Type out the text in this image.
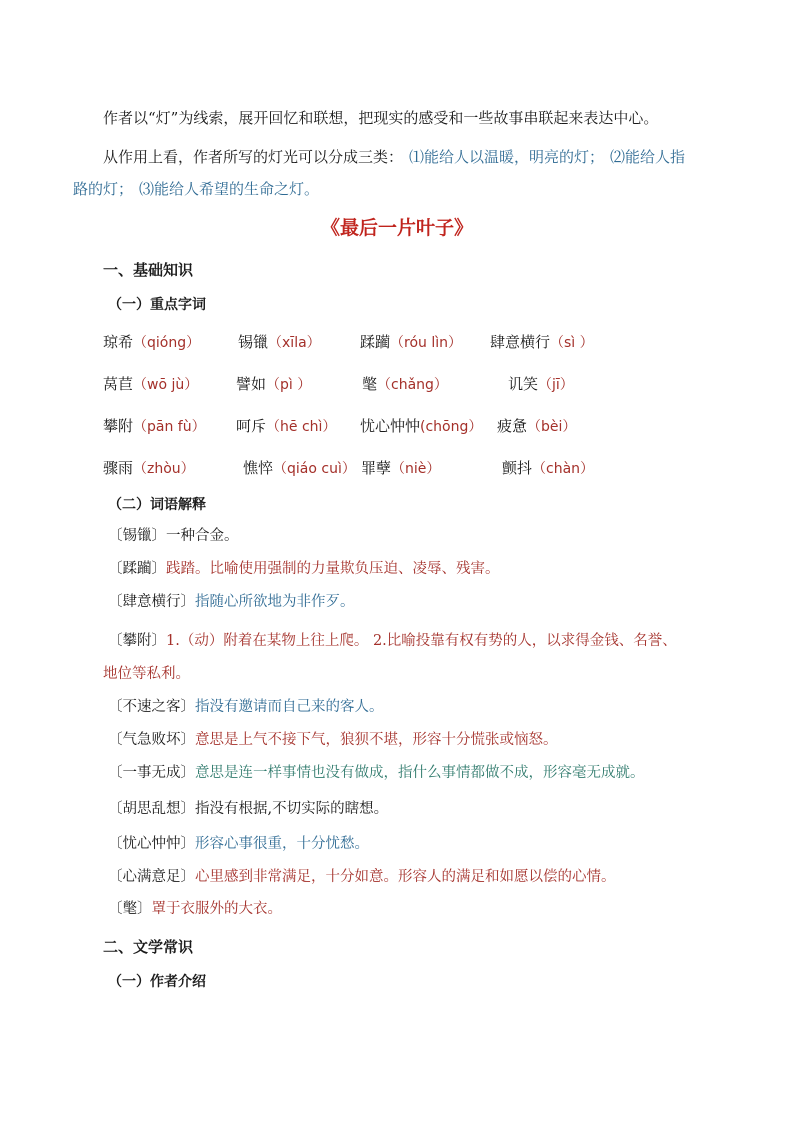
作者以“灯”为线索，展开回忆和联想，把现实的感受和一些故事串联起来表达中心。
从作用上看，作者所写的灯光可以分成三类： ⑴能给人以温暖，明亮的灯； ⑵能给人指
路的灯； ⑶能给人希望的生命之灯。
《最后一片叶子》
一、基础知识
（一）重点字词
琼希（qióng）	锡镴（xīla）	蹂躏（róu lìn） 肆意横行（sì ）
莴苣（wō jù）	譬如（pì ）	氅（chǎng）	讥笑（jī）
攀附（pān fù） 呵斥（hē chì） 忧心忡忡(chōng） 疲惫（bèi）
骤雨（zhòu）	憔悴（qiáo cuì） 罪孽（niè）	颤抖（chàn）
（二）词语解释
〔锡镴〕一种合金。
〔蹂躏〕践踏。比喻使用强制的力量欺负压迫、凌辱、残害。
〔肆意横行〕指随心所欲地为非作歹。
〔攀附〕1.（动）附着在某物上往上爬。 2.比喻投靠有权有势的人，以求得金钱、名誉、
地位等私利。
〔不速之客〕指没有邀请而自己来的客人。
〔气急败坏〕意思是上气不接下气，狼狈不堪，形容十分慌张或恼怒。
〔一事无成〕意思是连一样事情也没有做成，指什么事情都做不成，形容毫无成就。
〔胡思乱想〕指没有根据,不切实际的瞎想。
〔忧心忡忡〕形容心事很重，十分忧愁。
〔心满意足〕心里感到非常满足，十分如意。形容人的满足和如愿以偿的心情。
〔氅〕罩于衣服外的大衣。
二、文学常识
（一）作者介绍
